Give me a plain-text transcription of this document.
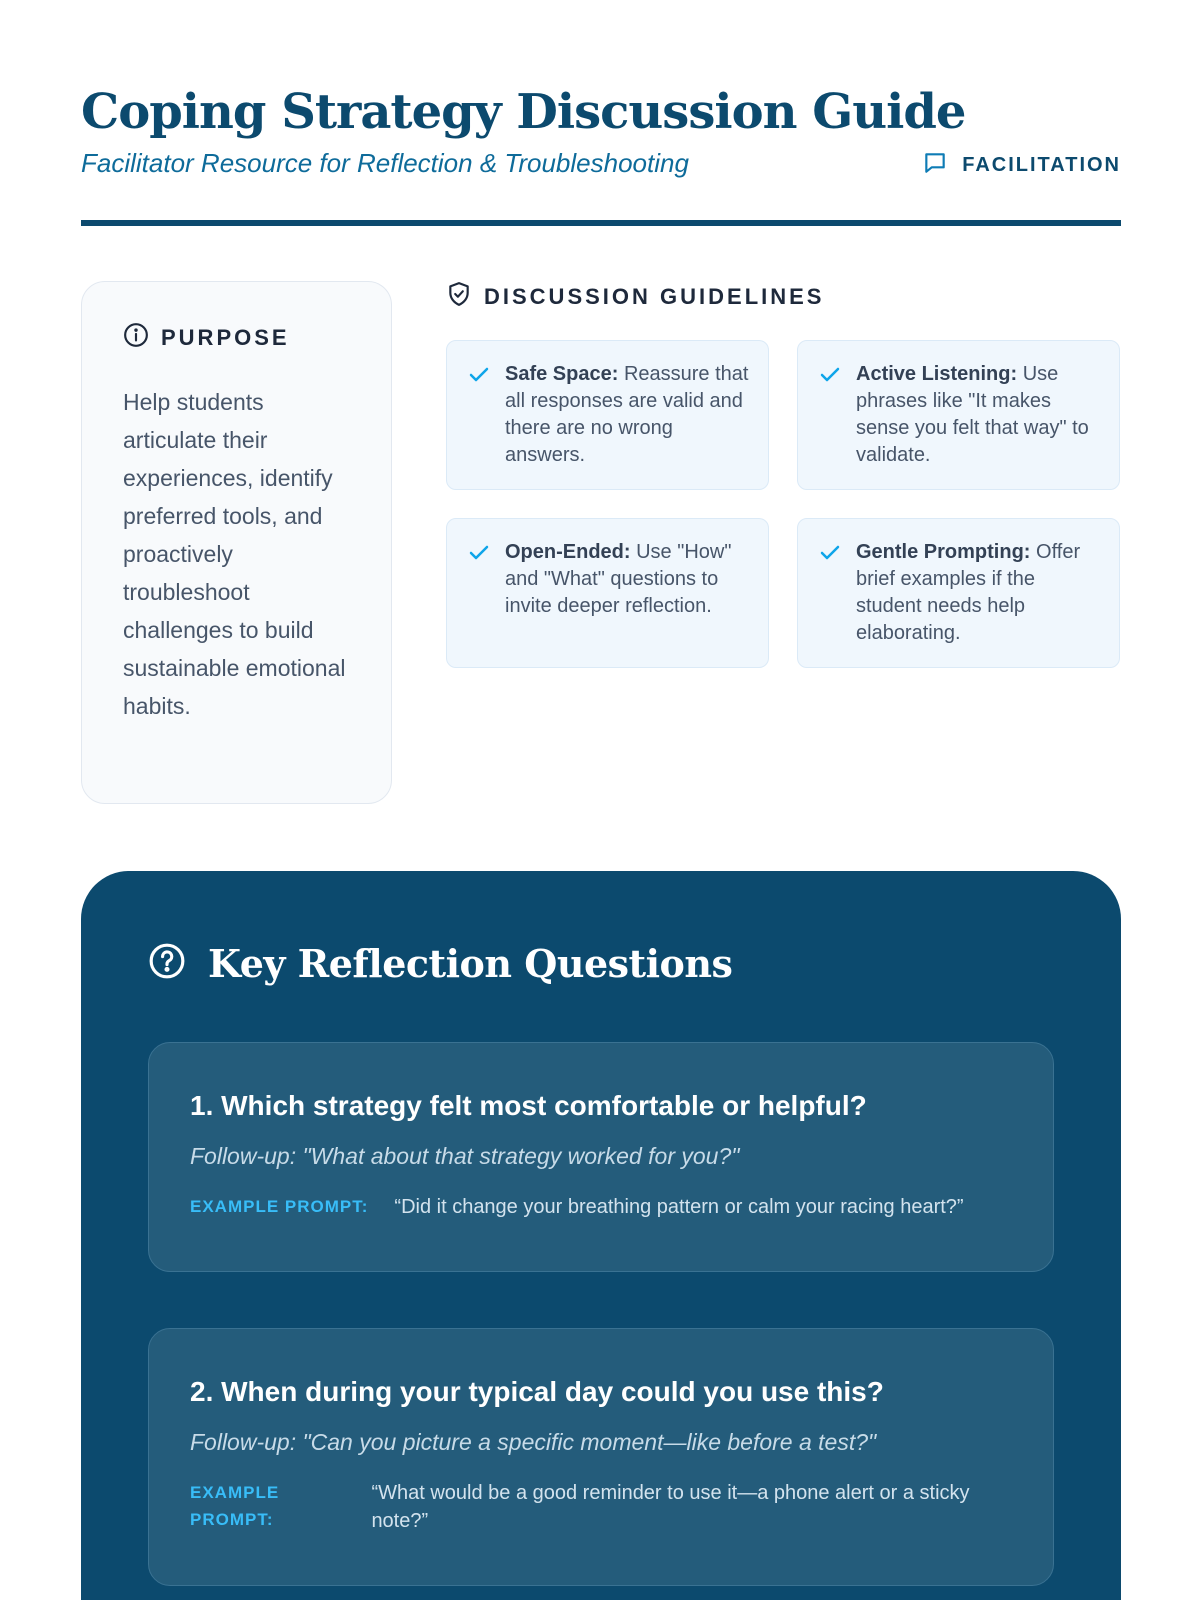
Coping Strategy Discussion Guide
Facilitator Resource for Reflection & Troubleshooting	FACILITATION
PURPOSE

Help students articulate their experiences, identify preferred tools, and proactively troubleshoot challenges to build sustainable emotional habits.

DISCUSSION GUIDELINES

Safe Space: Reassure that all responses are valid and there are no wrong answers.

Active Listening: Use phrases like "It makes sense you felt that way" to validate.

Open-Ended: Use "How" and "What" questions to invite deeper reflection.

Gentle Prompting: Offer brief examples if the student needs help elaborating.

Key Reflection Questions
1. Which strategy felt most comfortable or helpful?
Follow-up: "What about that strategy worked for you?"
EXAMPLE PROMPT: “Did it change your breathing pattern or calm your racing heart?”
2. When during your typical day could you use this?
Follow-up: "Can you picture a specific moment—like before a test?"
EXAMPLE PROMPT:
“What would be a good reminder to use it—a phone alert or a sticky note?”
